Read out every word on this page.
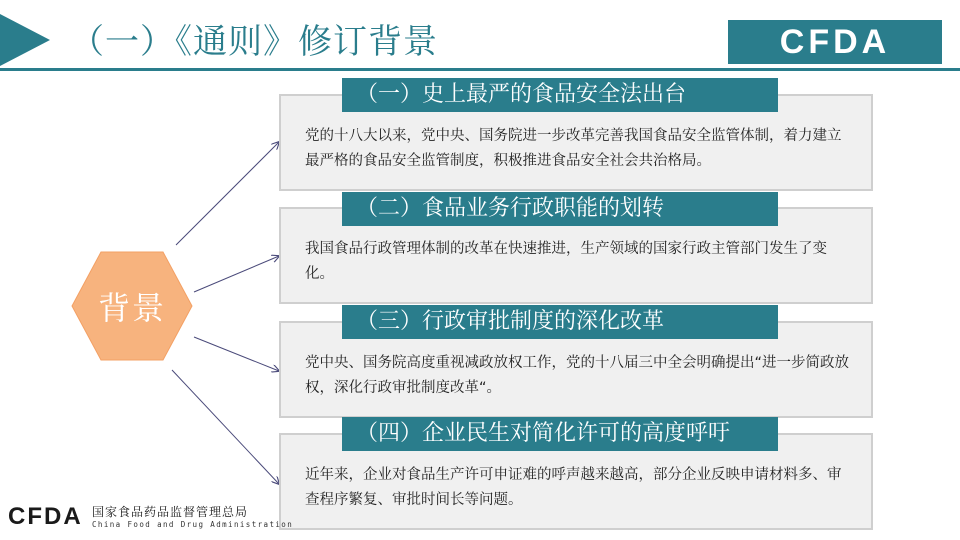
（一）《通则》修订背景	CFDA
背景
党的十八大以来，党中央、国务院进一步改革完善我国食品安全监管体制，着力建立最严格的食品安全监管制度，积极推进食品安全社会共治格局。
（一）史上最严的食品安全法出台
我国食品行政管理体制的改革在快速推进，生产领域的国家行政主管部门发生了变化。
（二）食品业务行政职能的划转
党中央、国务院高度重视减政放权工作，党的十八届三中全会明确提出“进一步简政放权，深化行政审批制度改革“。
（三）行政审批制度的深化改革
近年来，企业对食品生产许可申证难的呼声越来越高，部分企业反映申请材料多、审查程序繁复、审批时间长等问题。
（四）企业民生对简化许可的高度呼吁
CFDA 国家食品药品监督管理总局
China Food and Drug Administration
